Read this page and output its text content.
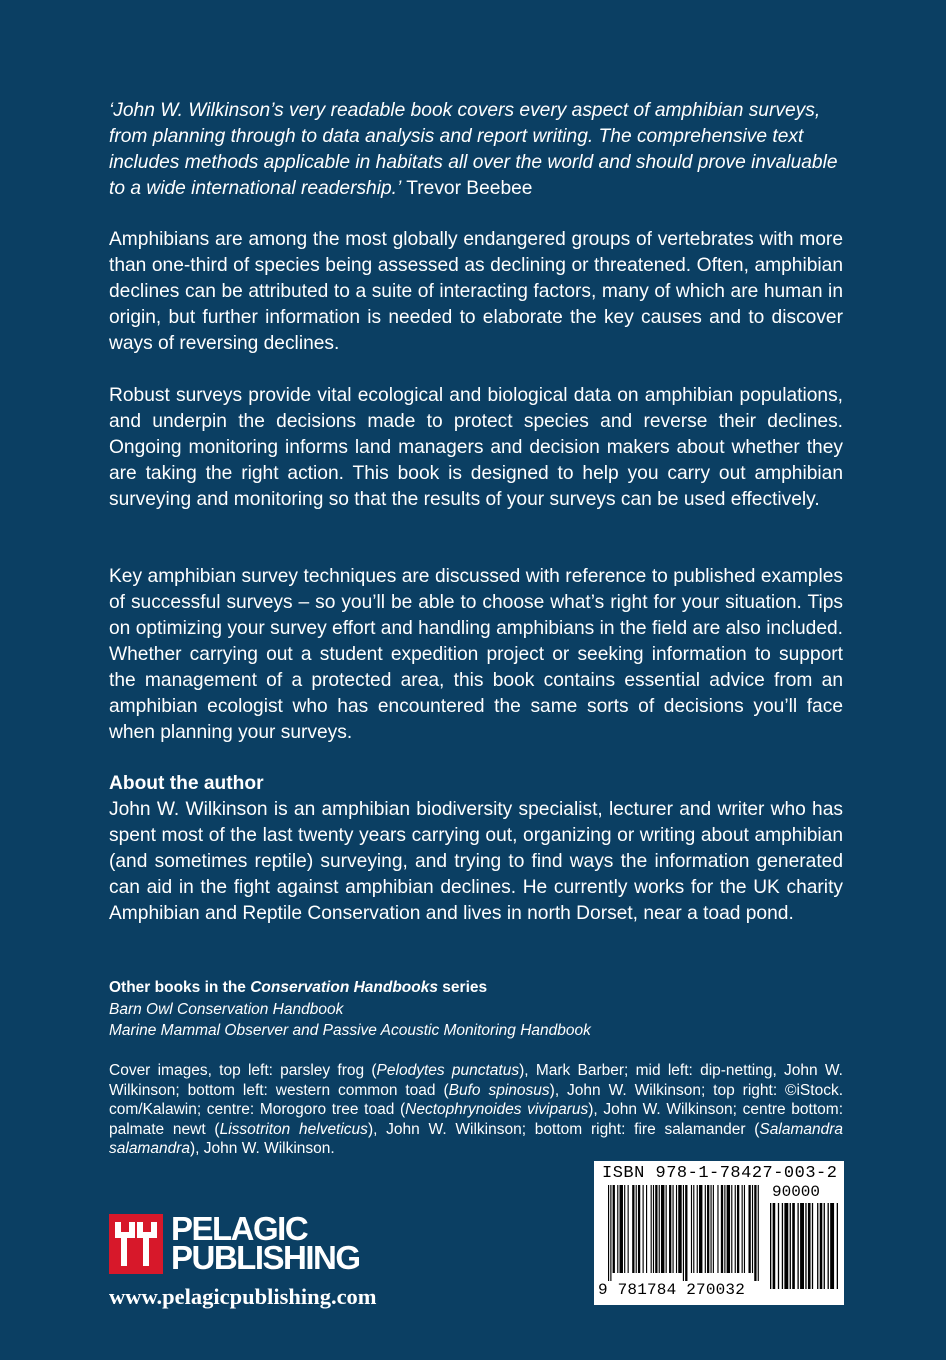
‘John W. Wilkinson’s very readable book covers every aspect of amphibian surveys, from planning through to data analysis and report writing. The comprehensive text includes methods applicable in habitats all over the world and should prove invaluable to a wide international readership.’ Trevor Beebee

Amphibians are among the most globally endangered groups of vertebrates with more than one-third of species being assessed as declining or threatened. Often, amphibian declines can be attributed to a suite of interacting factors, many of which are human in origin, but further information is needed to elaborate the key causes and to discover ways of reversing declines.

Robust surveys provide vital ecological and biological data on amphibian populations, and underpin the decisions made to protect species and reverse their declines. Ongoing monitoring informs land managers and decision makers about whether they are taking the right action. This book is designed to help you carry out amphibian surveying and monitoring so that the results of your surveys can be used effectively.

Key amphibian survey techniques are discussed with reference to published examples of successful surveys – so you’ll be able to choose what’s right for your situation. Tips on optimizing your survey effort and handling amphibians in the field are also included. Whether carrying out a student expedition project or seeking information to support the management of a protected area, this book contains essential advice from an amphibian ecologist who has encountered the same sorts of decisions you’ll face when planning your surveys.

About the author

John W. Wilkinson is an amphibian biodiversity specialist, lecturer and writer who has spent most of the last twenty years carrying out, organizing or writing about amphibian (and sometimes reptile) surveying, and trying to find ways the information generated can aid in the fight against amphibian declines. He currently works for the UK charity Amphibian and Reptile Conservation and lives in north Dorset, near a toad pond.

Other books in the Conservation Handbooks series
Barn Owl Conservation Handbook
Marine Mammal Observer and Passive Acoustic Monitoring Handbook
Cover images, top left: parsley frog (Pelodytes punctatus), Mark Barber; mid left: dip-netting, John W. Wilkinson; bottom left: western common toad (Bufo spinosus), John W. Wilkinson; top right: ©iStock. com/Kalawin; centre: Morogoro tree toad (Nectophrynoides viviparus), John W. Wilkinson; centre bottom: palmate newt (Lissotriton helveticus), John W. Wilkinson; bottom right: fire salamander (Salamandra salamandra), John W. Wilkinson.
ISBN 978-1-78427-003-2
90000
9 781784 270032
PELAGIC
PUBLISHING
www.pelagicpublishing.com
